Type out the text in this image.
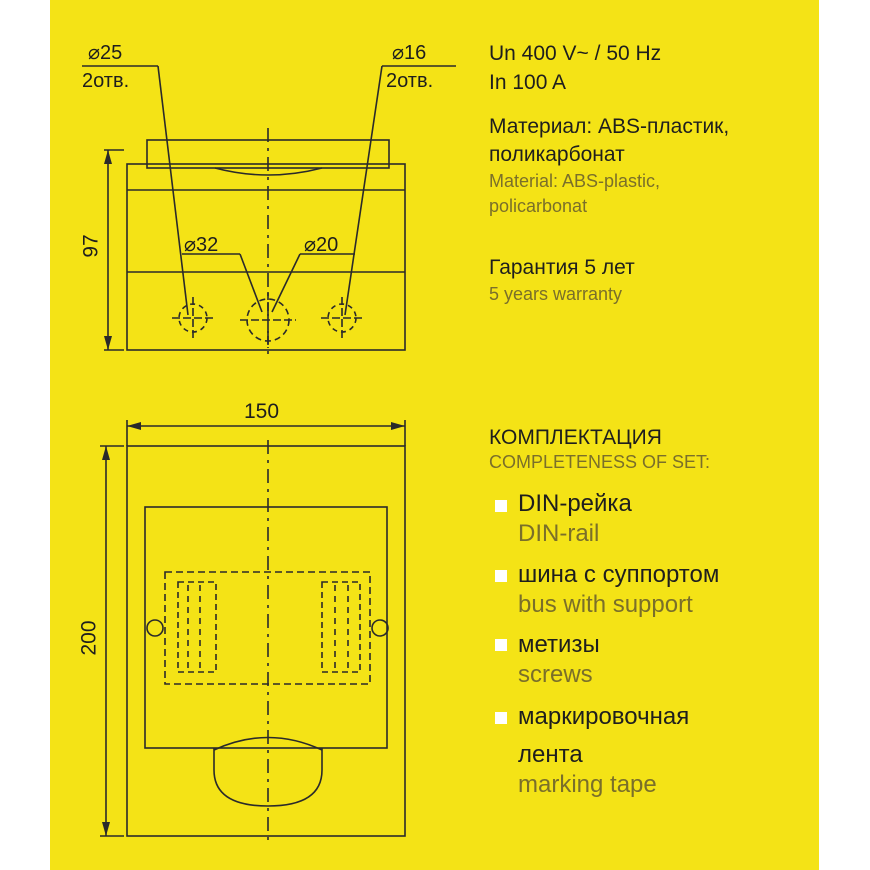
⌀25
2отв.
⌀16
2отв.
⌀32	⌀20
97
150
200
Un 400 V~ / 50 Hz
In 100 A
Материал: ABS-пластик,
поликарбонат
Material: ABS-plastic,
policarbonat
Гарантия 5 лет
5 years warranty
КОМПЛЕКТАЦИЯ
COMPLETENESS OF SET:
DIN-рейка
DIN-rail
шина с суппортом
bus with support
метизы
screws
маркировочная
лента
marking tape
